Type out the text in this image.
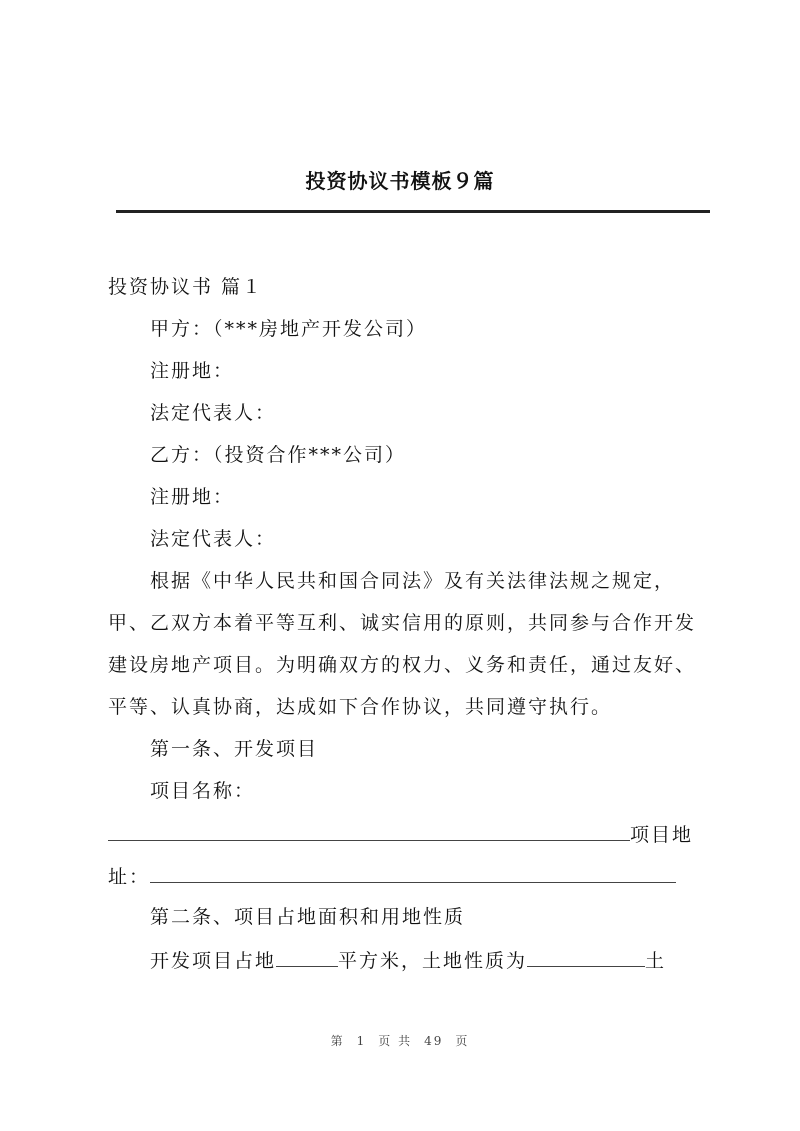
投资协议书模板９篇
投资协议书 篇１
甲方：（***房地产开发公司）
注册地：
法定代表人：
乙方：（投资合作***公司）
注册地：
法定代表人：
根据《中华人民共和国合同法》及有关法律法规之规定，
甲、乙双方本着平等互利、诚实信用的原则，共同参与合作开发
建设房地产项目。为明确双方的权力、义务和责任，通过友好、
平等、认真协商，达成如下合作协议，共同遵守执行。
第一条、开发项目
项目名称：
项目地
址：
第二条、项目占地面积和用地性质
开发项目占地	平方米，土地性质为	土
第 1 页 共 49 页
